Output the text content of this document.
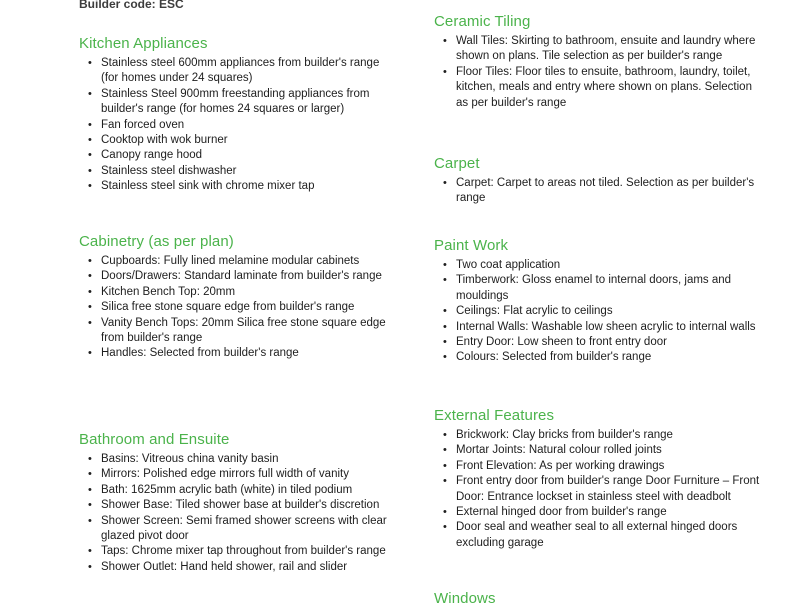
Builder code: ESC
Kitchen Appliances
• Stainless steel 600mm appliances from builder's range (for homes under 24 squares)
• Stainless Steel 900mm freestanding appliances from builder's range (for homes 24 squares or larger)
• Fan forced oven
• Cooktop with wok burner
• Canopy range hood
• Stainless steel dishwasher
• Stainless steel sink with chrome mixer tap
Cabinetry (as per plan)
• Cupboards: Fully lined melamine modular cabinets
• Doors/Drawers: Standard laminate from builder's range
• Kitchen Bench Top: 20mm
• Silica free stone square edge from builder's range
• Vanity Bench Tops: 20mm Silica free stone square edge from builder's range
• Handles: Selected from builder's range
Bathroom and Ensuite
• Basins: Vitreous china vanity basin
• Mirrors: Polished edge mirrors full width of vanity
• Bath: 1625mm acrylic bath (white) in tiled podium
• Shower Base: Tiled shower base at builder's discretion
• Shower Screen: Semi framed shower screens with clear glazed pivot door
• Taps: Chrome mixer tap throughout from builder's range
• Shower Outlet: Hand held shower, rail and slider
Ceramic Tiling
• Wall Tiles: Skirting to bathroom, ensuite and laundry where shown on plans. Tile selection as per builder's range
• Floor Tiles: Floor tiles to ensuite, bathroom, laundry, toilet, kitchen, meals and entry where shown on plans. Selection as per builder's range
Carpet
• Carpet: Carpet to areas not tiled. Selection as per builder's range
Paint Work
• Two coat application
• Timberwork: Gloss enamel to internal doors, jams and mouldings
• Ceilings: Flat acrylic to ceilings
• Internal Walls: Washable low sheen acrylic to internal walls
• Entry Door: Low sheen to front entry door
• Colours: Selected from builder's range
External Features
• Brickwork: Clay bricks from builder's range
• Mortar Joints: Natural colour rolled joints
• Front Elevation: As per working drawings
• Front entry door from builder's range Door Furniture – Front Door: Entrance lockset in stainless steel with deadbolt
• External hinged door from builder's range
• Door seal and weather seal to all external hinged doors excluding garage
Windows
